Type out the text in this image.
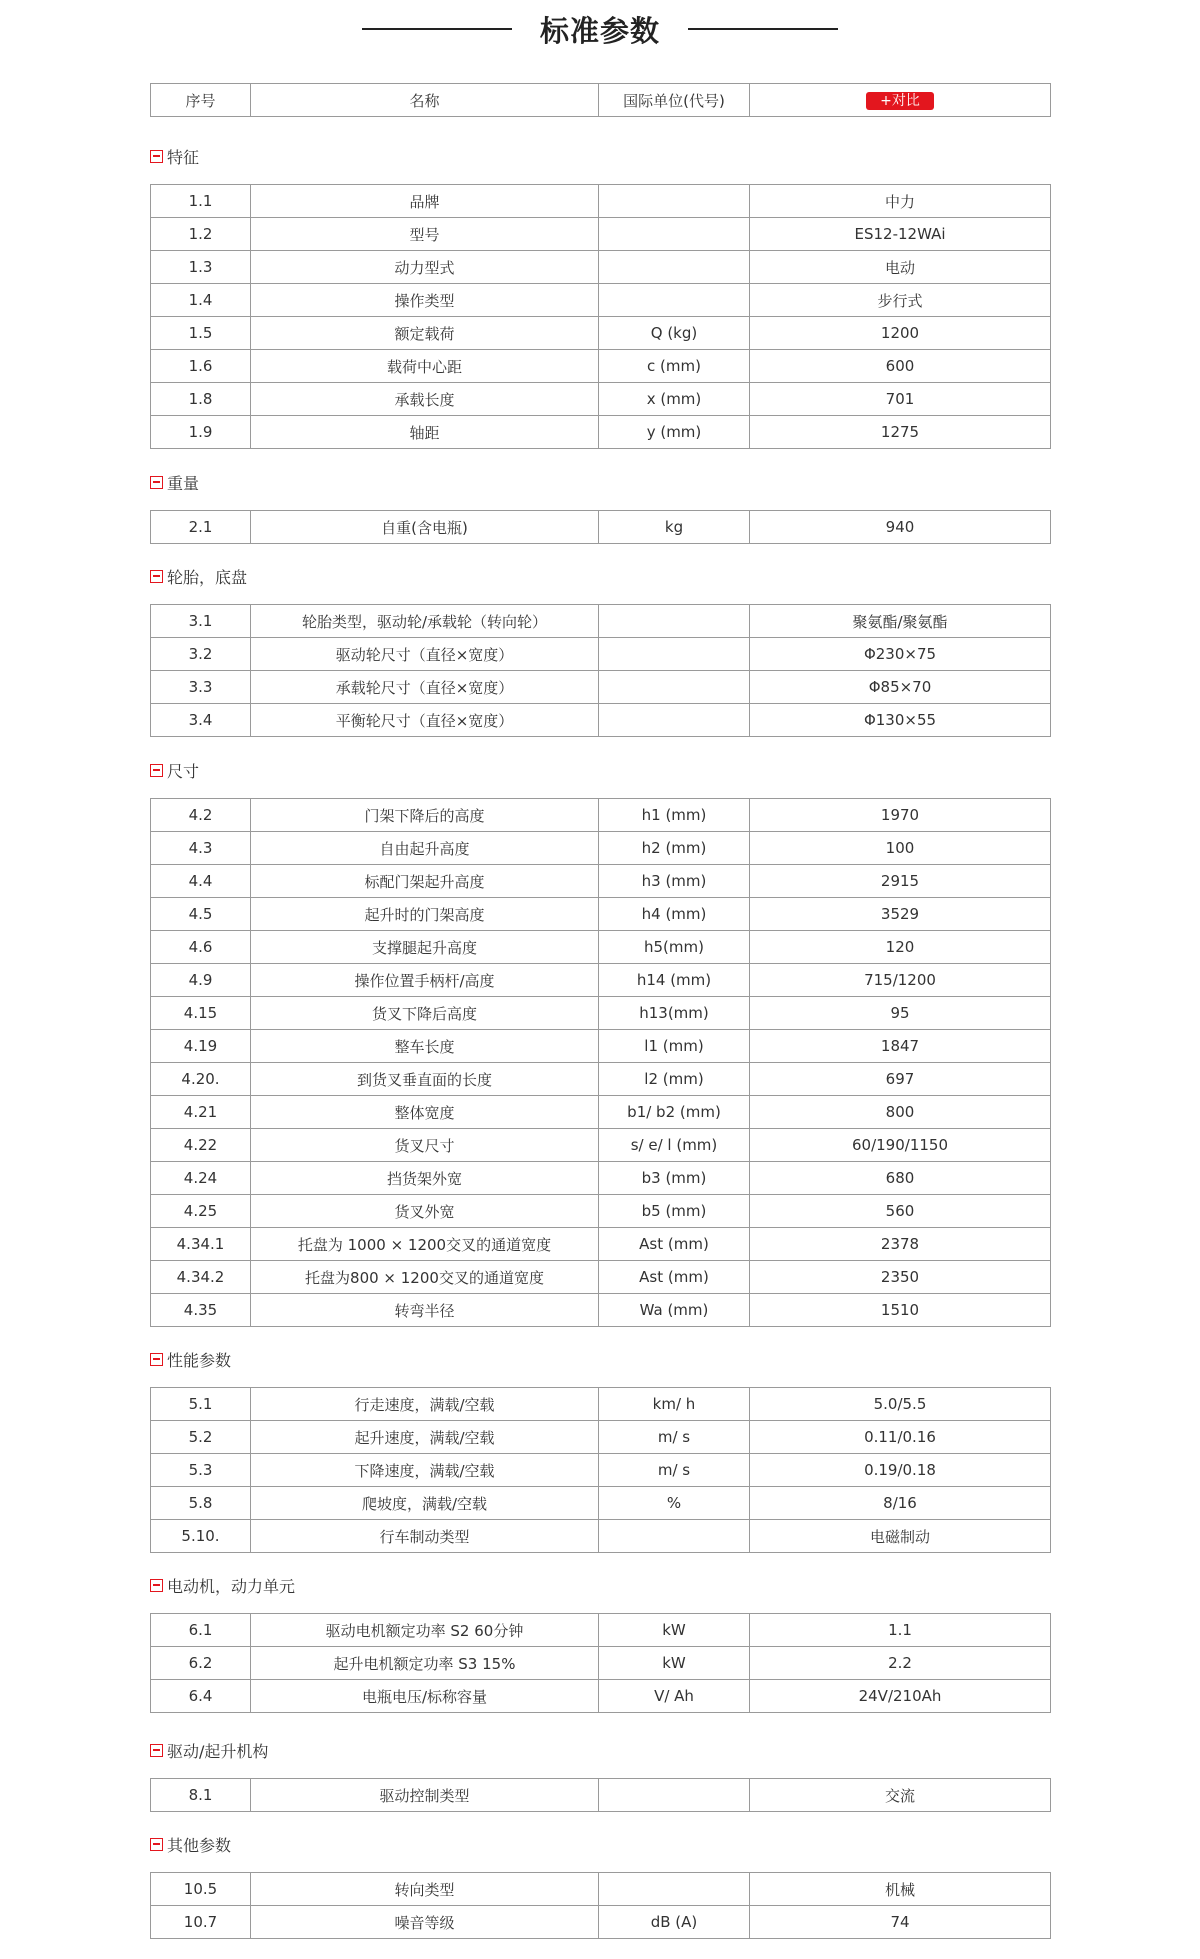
标准参数
序号	名称	国际单位(代号)	+对比
特征
1.1	品牌		中力
1.2	型号		ES12-12WAi
1.3	动力型式		电动
1.4	操作类型		步行式
1.5	额定载荷	Q (kg)	1200
1.6	载荷中心距	c (mm)	600
1.8	承载长度	x (mm)	701
1.9	轴距	y (mm)	1275
重量
2.1	自重(含电瓶)	kg	940
轮胎，底盘
3.1	轮胎类型，驱动轮/承载轮（转向轮）		聚氨酯/聚氨酯
3.2	驱动轮尺寸（直径×宽度）		Φ230×75
3.3	承载轮尺寸（直径×宽度）		Φ85×70
3.4	平衡轮尺寸（直径×宽度）		Φ130×55
尺寸
4.2	门架下降后的高度	h1 (mm)	1970
4.3	自由起升高度	h2 (mm)	100
4.4	标配门架起升高度	h3 (mm)	2915
4.5	起升时的门架高度	h4 (mm)	3529
4.6	支撑腿起升高度	h5(mm)	120
4.9	操作位置手柄杆/高度	h14 (mm)	715/1200
4.15	货叉下降后高度	h13(mm)	95
4.19	整车长度	l1 (mm)	1847
4.20.	到货叉垂直面的长度	l2 (mm)	697
4.21	整体宽度	b1/ b2 (mm)	800
4.22	货叉尺寸	s/ e/ l (mm)	60/190/1150
4.24	挡货架外宽	b3 (mm)	680
4.25	货叉外宽	b5 (mm)	560
4.34.1	托盘为 1000 × 1200交叉的通道宽度	Ast (mm)	2378
4.34.2	托盘为800 × 1200交叉的通道宽度	Ast (mm)	2350
4.35	转弯半径	Wa (mm)	1510
性能参数
5.1	行走速度，满载/空载	km/ h	5.0/5.5
5.2	起升速度，满载/空载	m/ s	0.11/0.16
5.3	下降速度，满载/空载	m/ s	0.19/0.18
5.8	爬坡度，满载/空载	%	8/16
5.10.	行车制动类型		电磁制动
电动机，动力单元
6.1	驱动电机额定功率 S2 60分钟	kW	1.1
6.2	起升电机额定功率 S3 15%	kW	2.2
6.4	电瓶电压/标称容量	V/ Ah	24V/210Ah
驱动/起升机构
8.1	驱动控制类型		交流
其他参数
10.5	转向类型		机械
10.7	噪音等级	dB (A)	74
